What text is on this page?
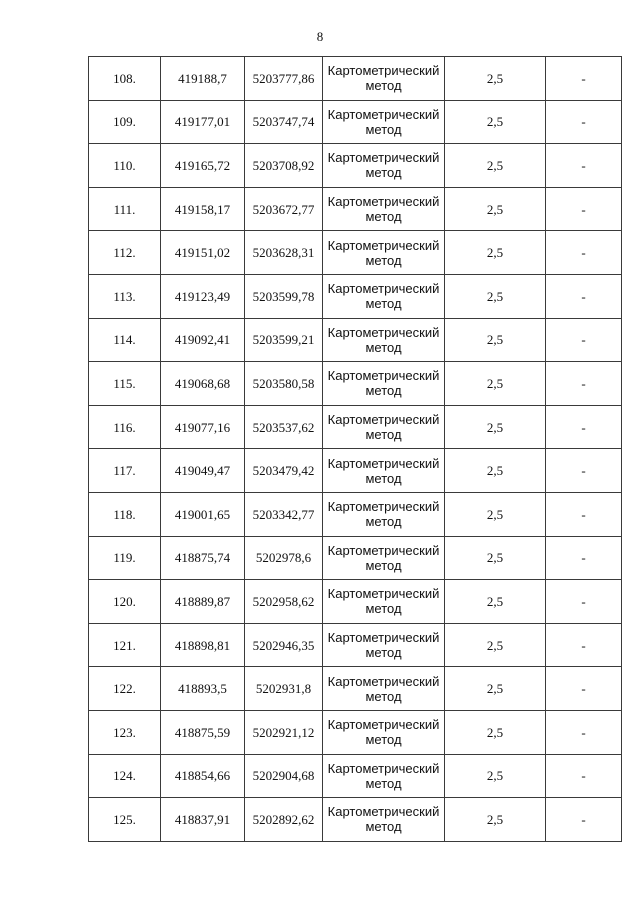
8
108.	419188,7	5203777,86	Картометрический
метод	2,5	-
109.	419177,01	5203747,74	Картометрический
метод	2,5	-
110.	419165,72	5203708,92	Картометрический
метод	2,5	-
111.	419158,17	5203672,77	Картометрический
метод	2,5	-
112.	419151,02	5203628,31	Картометрический
метод	2,5	-
113.	419123,49	5203599,78	Картометрический
метод	2,5	-
114.	419092,41	5203599,21	Картометрический
метод	2,5	-
115.	419068,68	5203580,58	Картометрический
метод	2,5	-
116.	419077,16	5203537,62	Картометрический
метод	2,5	-
117.	419049,47	5203479,42	Картометрический
метод	2,5	-
118.	419001,65	5203342,77	Картометрический
метод	2,5	-
119.	418875,74	5202978,6	Картометрический
метод	2,5	-
120.	418889,87	5202958,62	Картометрический
метод	2,5	-
121.	418898,81	5202946,35	Картометрический
метод	2,5	-
122.	418893,5	5202931,8	Картометрический
метод	2,5	-
123.	418875,59	5202921,12	Картометрический
метод	2,5	-
124.	418854,66	5202904,68	Картометрический
метод	2,5	-
125.	418837,91	5202892,62	Картометрический
метод	2,5	-
